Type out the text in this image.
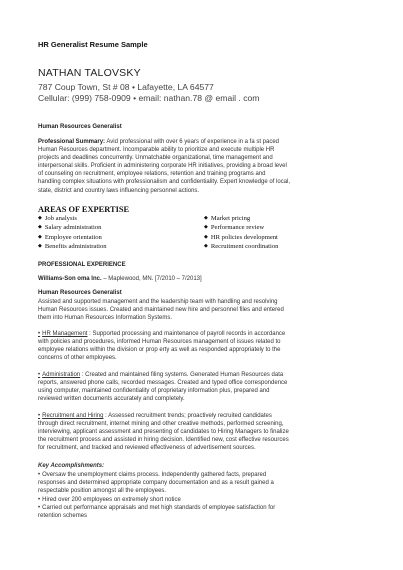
HR Generalist Resume Sample
NATHAN TALOVSKY
787 Coup Town, St # 08 • Lafayette, LA 64577
Cellular: (999) 758-0909 • email: nathan.78 @ email . com
Human Resources Generalist
Professional Summary: Avid professional with over 6 years of experience in a fa st paced
Human Resources department. Incomparable ability to prioritize and execute multiple HR
projects and deadlines concurrently. Unmatchable organizational, time management and
interpersonal skills. Proficient in administering corporate HR initiatives, providing a broad level
of counseling on recruitment, employee relations, retention and training programs and
handling complex situations with professionalism and confidentiality. Expert knowledge of local,
state, district and country laws influencing personnel actions.
AREAS OF EXPERTISE
◆ Job analysis
◆ Salary administration
◆ Employee orientation
◆ Benefits administration
◆ Market pricing
◆ Performance review
◆ HR policies development
◆ Recruitment coordination
PROFESSIONAL EXPERIENCE
Williams-Son oma Inc. – Maplewood, MN. [7/2010 – 7/2013]
Human Resources Generalist
Assisted and supported management and the leadership team with handling and resolving
Human Resources issues. Created and maintained new hire and personnel files and entered
them into Human Resources Information Systems.
• HR Management : Supported processing and maintenance of payroll records in accordance
with policies and procedures, informed Human Resources management of issues related to
employee relations within the division or prop erty as well as responded appropriately to the
concerns of other employees.
• Administration : Created and maintained filing systems. Generated Human Resources data
reports, answered phone calls, recorded messages. Created and typed office correspondence
using computer, maintained confidentiality of proprietary information plus, prepared and
reviewed written documents accurately and completely.
• Recruitment and Hiring : Assessed recruitment trends; proactively recruited candidates
through direct recruitment, internet mining and other creative methods, performed screening,
interviewing, applicant assessment and presenting of candidates to Hiring Managers to finalize
the recruitment process and assisted in hiring decision. Identified new, cost effective resources
for recruitment, and tracked and reviewed effectiveness of advertisement sources.
Key Accomplishments:
• Oversaw the unemployment claims process. Independently gathered facts, prepared
responses and determined appropriate company documentation and as a result gained a
respectable position amongst all the employees.
• Hired over 200 employees on extremely short notice
• Carried out performance appraisals and met high standards of employee satisfaction for
retention schemes
